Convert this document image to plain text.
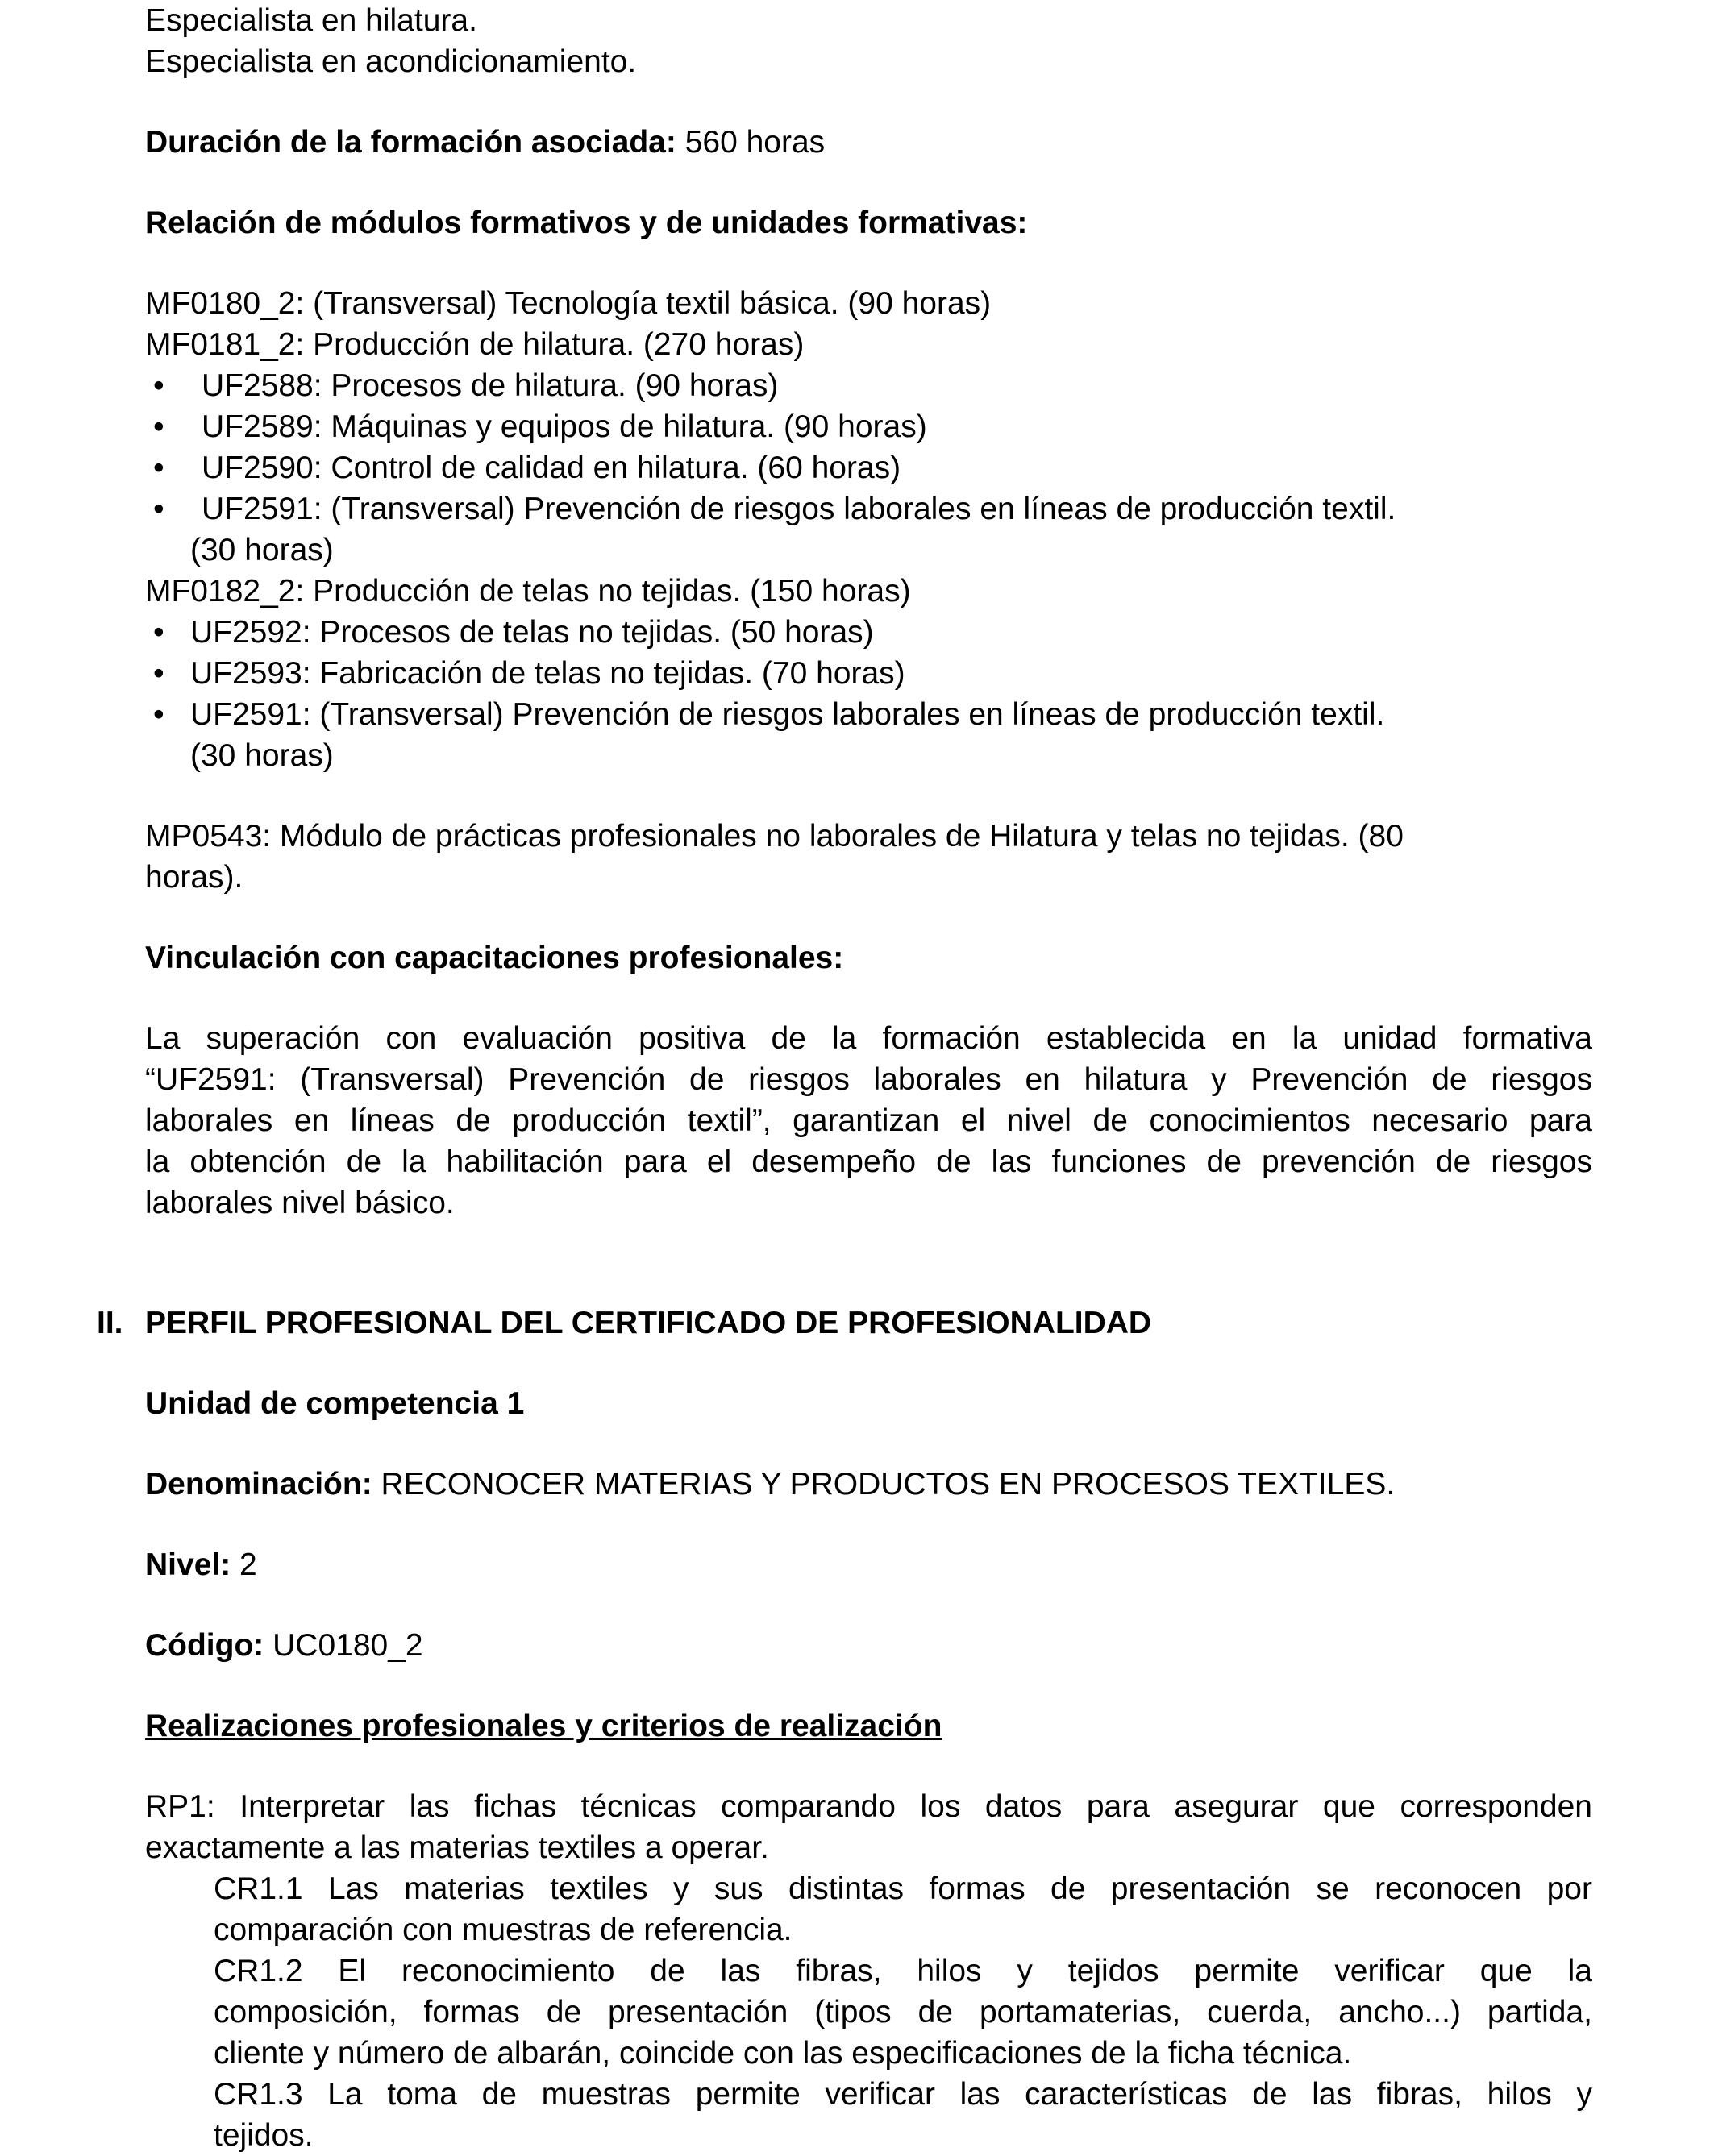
Especialista en hilatura.
Especialista en acondicionamiento.
Duración de la formación asociada: 560 horas
Relación de módulos formativos y de unidades formativas:
MF0180_2: (Transversal) Tecnología textil básica. (90 horas)
MF0181_2: Producción de hilatura. (270 horas)
• UF2588: Procesos de hilatura. (90 horas)
• UF2589: Máquinas y equipos de hilatura. (90 horas)
• UF2590: Control de calidad en hilatura. (60 horas)
• UF2591: (Transversal) Prevención de riesgos laborales en líneas de producción textil.
(30 horas)
MF0182_2: Producción de telas no tejidas. (150 horas)
• UF2592: Procesos de telas no tejidas. (50 horas)
• UF2593: Fabricación de telas no tejidas. (70 horas)
• UF2591: (Transversal) Prevención de riesgos laborales en líneas de producción textil.
(30 horas)
MP0543: Módulo de prácticas profesionales no laborales de Hilatura y telas no tejidas. (80
horas).
Vinculación con capacitaciones profesionales:
La superación con evaluación positiva de la formación establecida en la unidad formativa
“UF2591: (Transversal) Prevención de riesgos laborales en hilatura y Prevención de riesgos
laborales en líneas de producción textil”, garantizan el nivel de conocimientos necesario para
la obtención de la habilitación para el desempeño de las funciones de prevención de riesgos
laborales nivel básico.
II. PERFIL PROFESIONAL DEL CERTIFICADO DE PROFESIONALIDAD
Unidad de competencia 1
Denominación: RECONOCER MATERIAS Y PRODUCTOS EN PROCESOS TEXTILES.
Nivel: 2
Código: UC0180_2
Realizaciones profesionales y criterios de realización
RP1: Interpretar las fichas técnicas comparando los datos para asegurar que corresponden
exactamente a las materias textiles a operar.
CR1.1 Las materias textiles y sus distintas formas de presentación se reconocen por
comparación con muestras de referencia.
CR1.2 El reconocimiento de las fibras, hilos y tejidos permite verificar que la
composición, formas de presentación (tipos de portamaterias, cuerda, ancho...) partida,
cliente y número de albarán, coincide con las especificaciones de la ficha técnica.
CR1.3 La toma de muestras permite verificar las características de las fibras, hilos y
tejidos.
